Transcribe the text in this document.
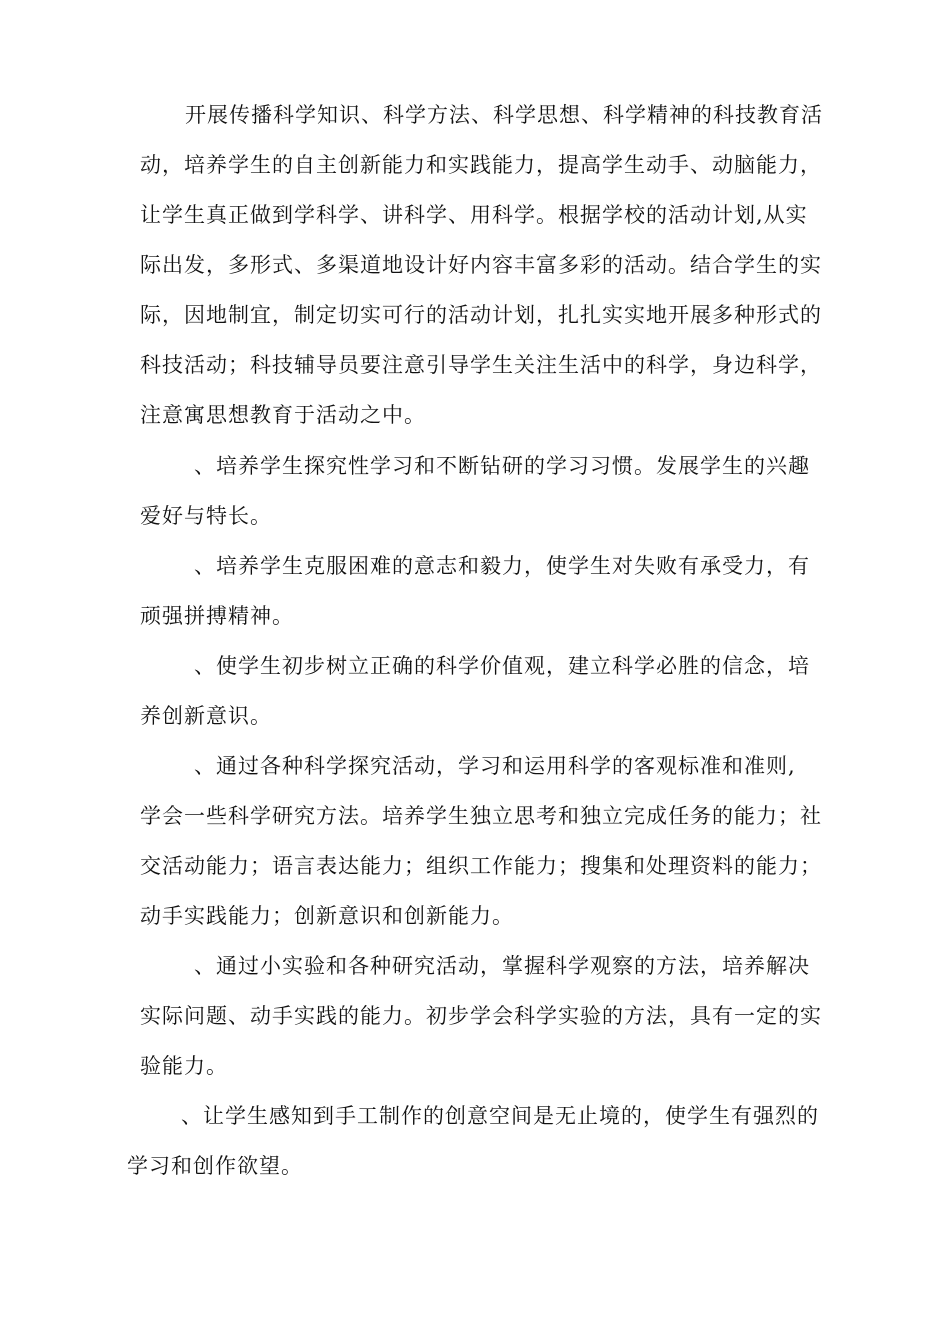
开展传播科学知识、科学方法、科学思想、科学精神的科技教育活
动，培养学生的自主创新能力和实践能力，提高学生动手、动脑能力，
让学生真正做到学科学、讲科学、用科学。根据学校的活动计划,从实
际出发，多形式、多渠道地设计好内容丰富多彩的活动。结合学生的实
际，因地制宜，制定切实可行的活动计划，扎扎实实地开展多种形式的
科技活动；科技辅导员要注意引导学生关注生活中的科学，身边科学，
注意寓思想教育于活动之中。
、培养学生探究性学习和不断钻研的学习习惯。发展学生的兴趣
爱好与特长。
、培养学生克服困难的意志和毅力，使学生对失败有承受力，有
顽强拼搏精神。
、使学生初步树立正确的科学价值观，建立科学必胜的信念，培
养创新意识。
、通过各种科学探究活动，学习和运用科学的客观标准和准则,
学会一些科学研究方法。培养学生独立思考和独立完成任务的能力；社
交活动能力；语言表达能力；组织工作能力；搜集和处理资料的能力；
动手实践能力；创新意识和创新能力。
、通过小实验和各种研究活动，掌握科学观察的方法，培养解决
实际问题、动手实践的能力。初步学会科学实验的方法，具有一定的实
验能力。
、让学生感知到手工制作的创意空间是无止境的，使学生有强烈的
学习和创作欲望。
